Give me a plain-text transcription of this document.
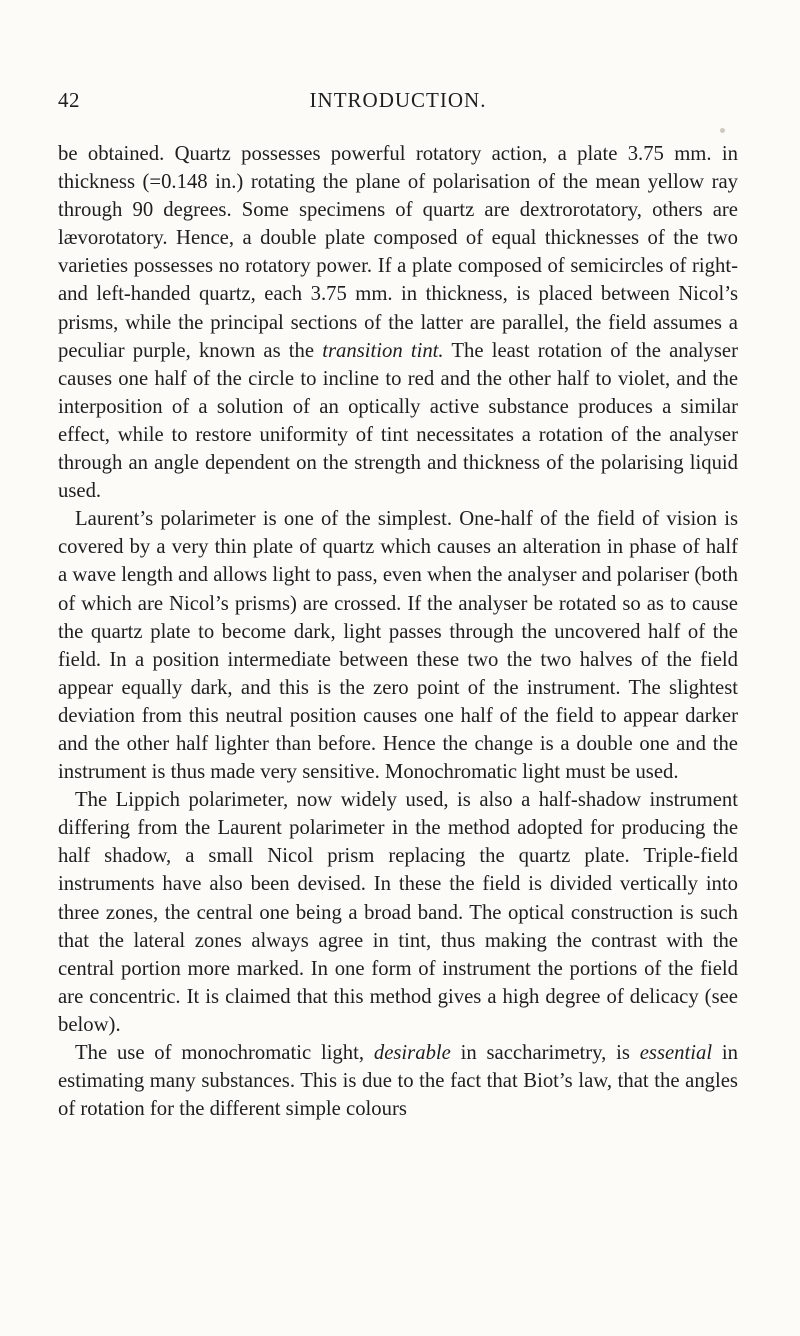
42	INTRODUCTION.

be obtained. Quartz possesses powerful rotatory action, a plate 3.75 mm. in thickness (=0.148 in.) rotating the plane of polarisation of the mean yellow ray through 90 degrees. Some specimens of quartz are dextrorotatory, others are lævorotatory. Hence, a double plate composed of equal thicknesses of the two varieties possesses no rotatory power. If a plate composed of semicircles of right- and left-handed quartz, each 3.75 mm. in thickness, is placed between Nicol’s prisms, while the principal sections of the latter are parallel, the field assumes a peculiar purple, known as the transition tint. The least rotation of the analyser causes one half of the circle to incline to red and the other half to violet, and the interposition of a solution of an optically active substance produces a similar effect, while to restore uniformity of tint necessitates a rotation of the analyser through an angle dependent on the strength and thickness of the polarising liquid used.

Laurent’s polarimeter is one of the simplest. One-half of the field of vision is covered by a very thin plate of quartz which causes an alteration in phase of half a wave length and allows light to pass, even when the analyser and polariser (both of which are Nicol’s prisms) are crossed. If the analyser be rotated so as to cause the quartz plate to become dark, light passes through the uncovered half of the field. In a position intermediate between these two the two halves of the field appear equally dark, and this is the zero point of the instrument. The slightest deviation from this neutral position causes one half of the field to appear darker and the other half lighter than before. Hence the change is a double one and the instrument is thus made very sensitive. Monochromatic light must be used.

The Lippich polarimeter, now widely used, is also a half-shadow instrument differing from the Laurent polarimeter in the method adopted for producing the half shadow, a small Nicol prism replacing the quartz plate. Triple-field instruments have also been devised. In these the field is divided vertically into three zones, the central one being a broad band. The optical construction is such that the lateral zones always agree in tint, thus making the contrast with the central portion more marked. In one form of instrument the portions of the field are concentric. It is claimed that this method gives a high degree of delicacy (see below).

The use of monochromatic light, desirable in saccharimetry, is essential in estimating many substances. This is due to the fact that Biot’s law, that the angles of rotation for the different simple colours
